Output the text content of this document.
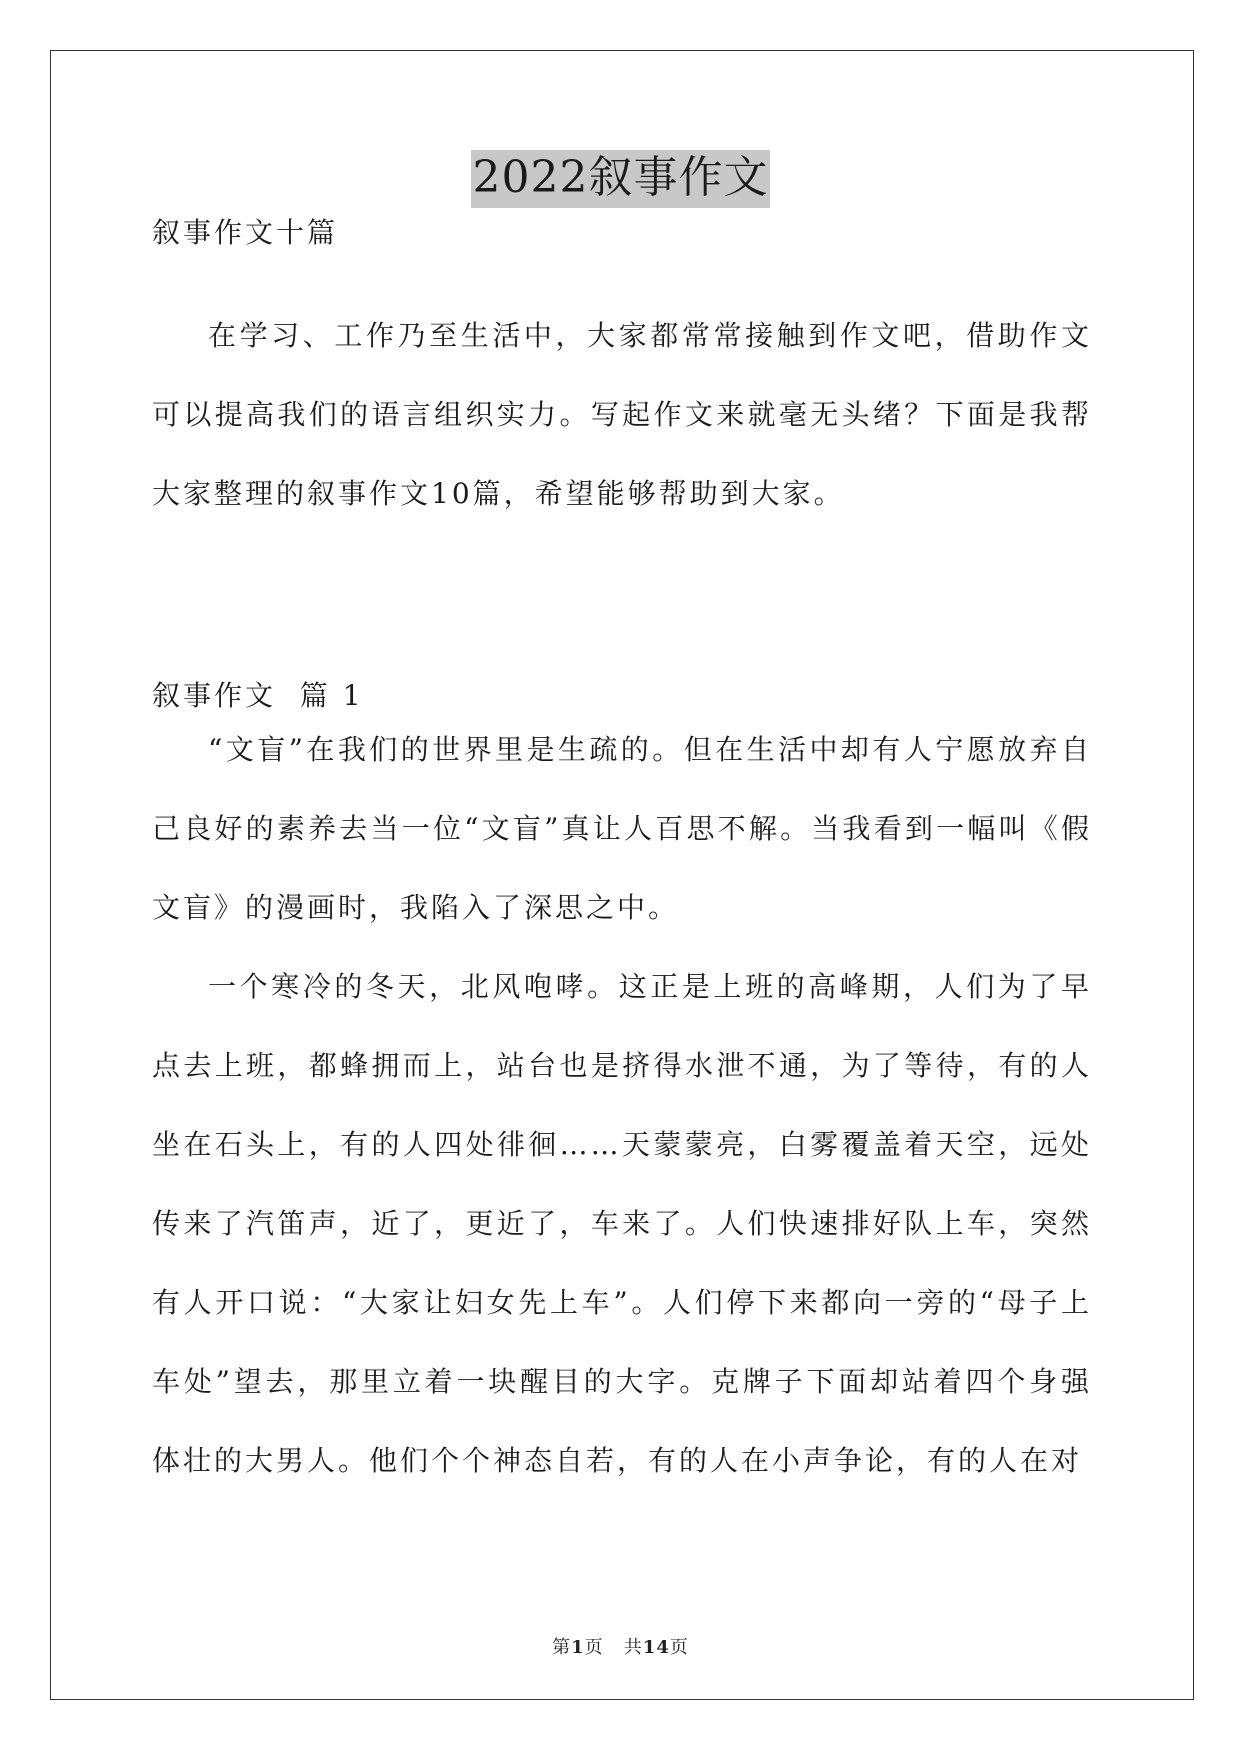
2022叙事作文
叙事作文十篇

在学习、工作乃至生活中，大家都常常接触到作文吧，借助作文可以提高我们的语言组织实力。写起作文来就毫无头绪？下面是我帮大家整理的叙事作文10篇，希望能够帮助到大家。

叙事作文  篇 1

“文盲”在我们的世界里是生疏的。但在生活中却有人宁愿放弃自己良好的素养去当一位“文盲”真让人百思不解。当我看到一幅叫《假文盲》的漫画时，我陷入了深思之中。

一个寒冷的冬天，北风咆哮。这正是上班的高峰期，人们为了早点去上班，都蜂拥而上，站台也是挤得水泄不通，为了等待，有的人坐在石头上，有的人四处徘徊……天蒙蒙亮，白雾覆盖着天空，远处传来了汽笛声，近了，更近了，车来了。人们快速排好队上车，突然有人开口说：“大家让妇女先上车”。人们停下来都向一旁的“母子上车处”望去，那里立着一块醒目的大字。克牌子下面却站着四个身强体壮的大男人。他们个个神态自若，有的人在小声争论，有的人在对

第1页 共14页
